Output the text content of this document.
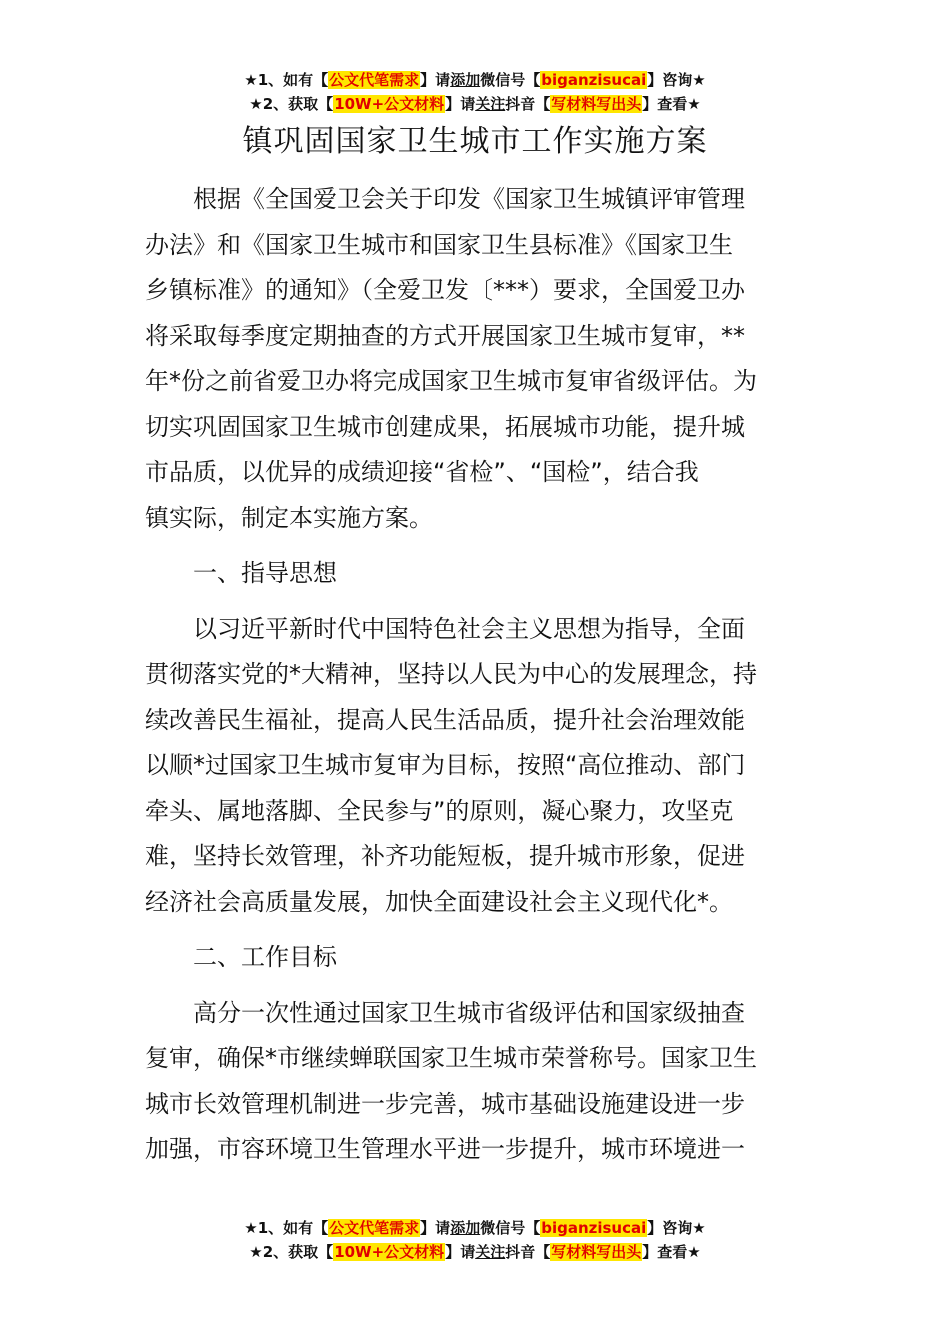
★1、如有【公文代笔需求】请添加微信号【biganzisucai】咨询★
★2、获取【10W+公文材料】请关注抖音【写材料写出头】查看★
镇巩固国家卫生城市工作实施方案

根据《全国爱卫会关于印发《国家卫生城镇评审管理

办法》和《国家卫生城市和国家卫生县标准》《国家卫生

乡镇标准》的通知》（全爱卫发〔***）要求，全国爱卫办

将采取每季度定期抽查的方式开展国家卫生城市复审，**

年*份之前省爱卫办将完成国家卫生城市复审省级评估。为

切实巩固国家卫生城市创建成果，拓展城市功能，提升城

市品质，以优异的成绩迎接“省检”、“国检”，结合我

镇实际，制定本实施方案。

一、指导思想

以习近平新时代中国特色社会主义思想为指导，全面

贯彻落实党的*大精神，坚持以人民为中心的发展理念，持

续改善民生福祉，提高人民生活品质，提升社会治理效能

以顺*过国家卫生城市复审为目标，按照“高位推动、部门

牵头、属地落脚、全民参与”的原则，凝心聚力，攻坚克

难，坚持长效管理，补齐功能短板，提升城市形象，促进

经济社会高质量发展，加快全面建设社会主义现代化*。

二、工作目标

高分一次性通过国家卫生城市省级评估和国家级抽查

复审，确保*市继续蝉联国家卫生城市荣誉称号。国家卫生

城市长效管理机制进一步完善，城市基础设施建设进一步

加强，市容环境卫生管理水平进一步提升，城市环境进一

★1、如有【公文代笔需求】请添加微信号【biganzisucai】咨询★
★2、获取【10W+公文材料】请关注抖音【写材料写出头】查看★
